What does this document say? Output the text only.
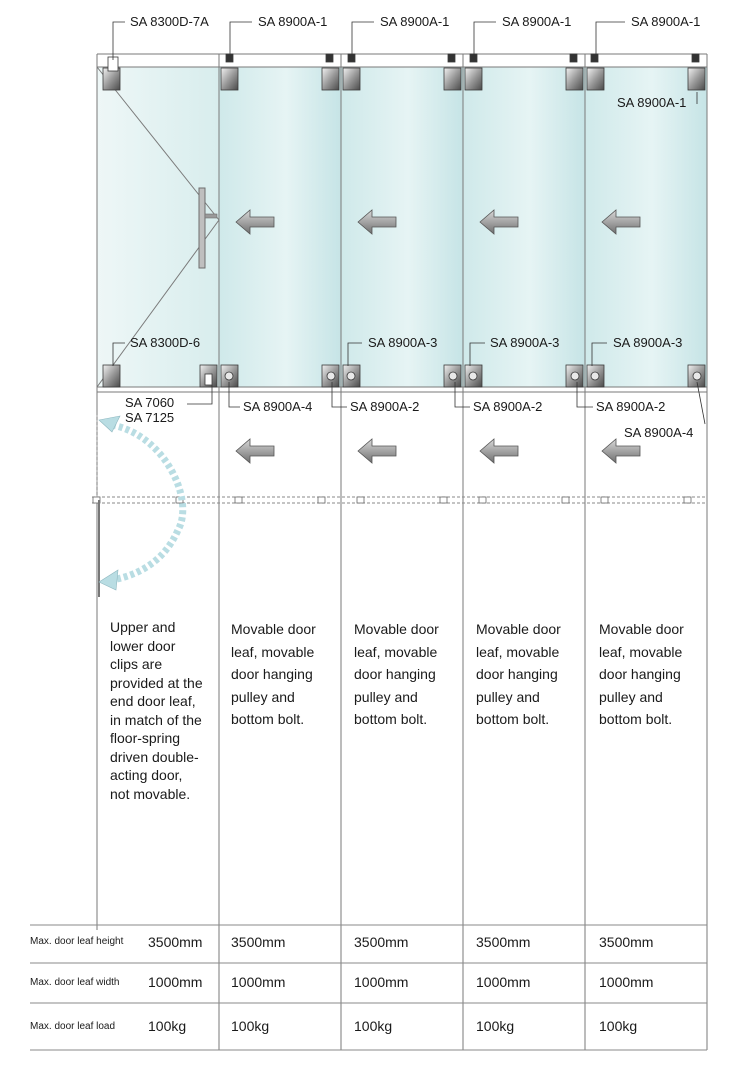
SA 8300D-7A	SA 8900A-1	SA 8900A-1	SA 8900A-1	SA 8900A-1
SA 8900A-1
SA 8300D-6	SA 8900A-3	SA 8900A-3	SA 8900A-3
SA 7060
SA 7125
SA 8900A-4	SA 8900A-2	SA 8900A-2	SA 8900A-2
SA 8900A-4
Upper and
lower door
clips are
provided at the
end door leaf,
in match of the
floor-spring
driven double-
acting door,
not movable.
Movable door
leaf, movable
door hanging
pulley and
bottom bolt.
Movable door
leaf, movable
door hanging
pulley and
bottom bolt.
Movable door
leaf, movable
door hanging
pulley and
bottom bolt.
Movable door
leaf, movable
door hanging
pulley and
bottom bolt.
Max. door leaf height 3500mm 3500mm	3500mm	3500mm	3500mm
Max. door leaf width 1000mm 1000mm	1000mm	1000mm	1000mm
Max. door leaf load 100kg	100kg	100kg	100kg	100kg
